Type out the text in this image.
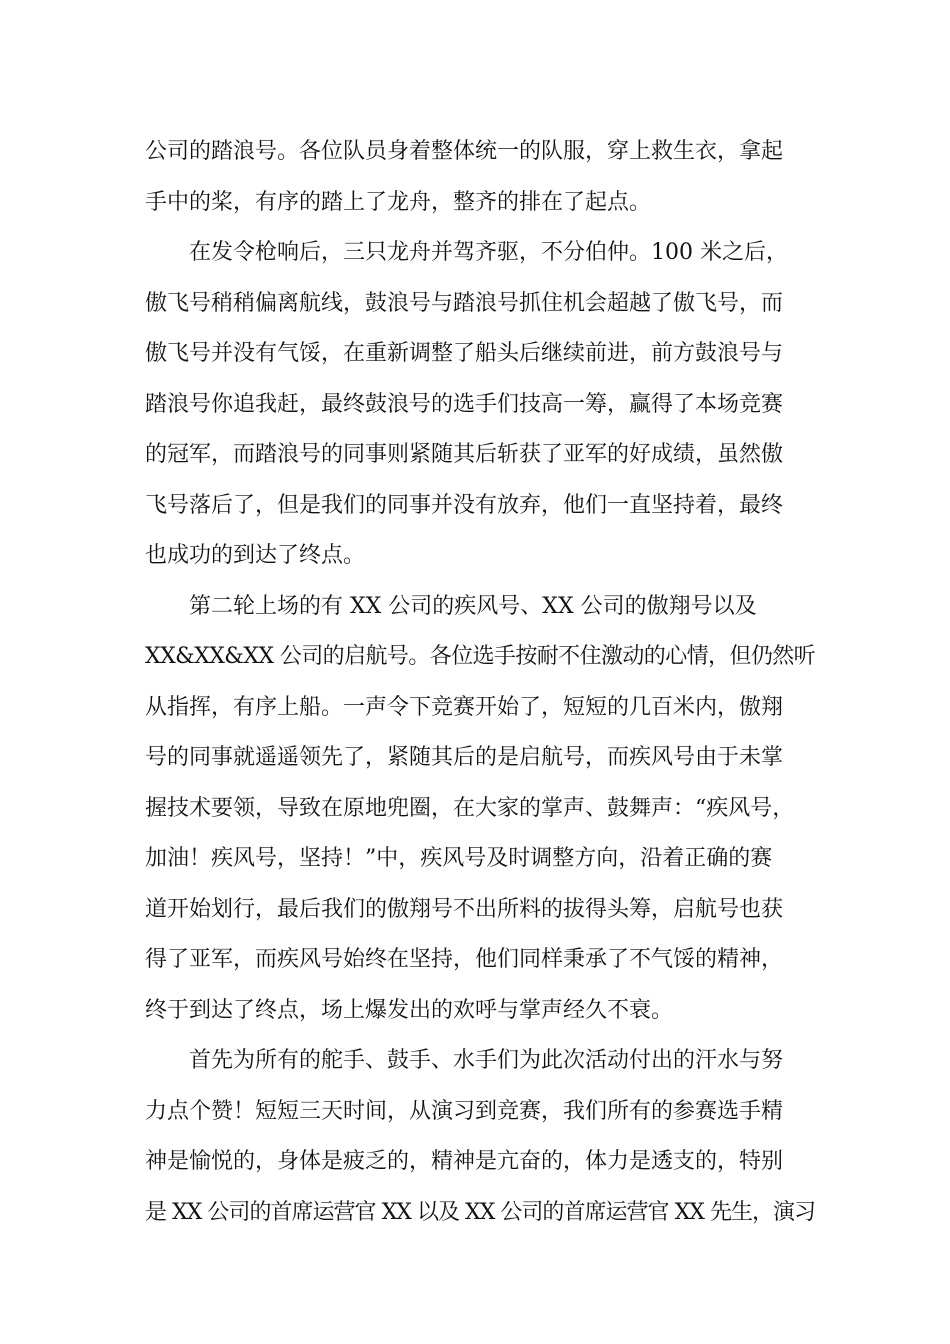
公司的踏浪号。各位队员身着整体统一的队服，穿上救生衣，拿起
手中的桨，有序的踏上了龙舟，整齐的排在了起点。
在发令枪响后，三只龙舟并驾齐驱，不分伯仲。100 米之后，
傲飞号稍稍偏离航线，鼓浪号与踏浪号抓住机会超越了傲飞号，而
傲飞号并没有气馁，在重新调整了船头后继续前进，前方鼓浪号与
踏浪号你追我赶，最终鼓浪号的选手们技高一筹，赢得了本场竞赛
的冠军，而踏浪号的同事则紧随其后斩获了亚军的好成绩，虽然傲
飞号落后了，但是我们的同事并没有放弃，他们一直坚持着，最终
也成功的到达了终点。
第二轮上场的有 XX 公司的疾风号、XX 公司的傲翔号以及
XX&XX&XX 公司的启航号。各位选手按耐不住激动的心情，但仍然听
从指挥，有序上船。一声令下竞赛开始了，短短的几百米内，傲翔
号的同事就遥遥领先了，紧随其后的是启航号，而疾风号由于未掌
握技术要领，导致在原地兜圈，在大家的掌声、鼓舞声：“疾风号，
加油！疾风号，坚持！”中，疾风号及时调整方向，沿着正确的赛
道开始划行，最后我们的傲翔号不出所料的拔得头筹，启航号也获
得了亚军，而疾风号始终在坚持，他们同样秉承了不气馁的精神，
终于到达了终点，场上爆发出的欢呼与掌声经久不衰。
首先为所有的舵手、鼓手、水手们为此次活动付出的汗水与努
力点个赞！短短三天时间，从演习到竞赛，我们所有的参赛选手精
神是愉悦的，身体是疲乏的，精神是亢奋的，体力是透支的，特别
是 XX 公司的首席运营官 XX 以及 XX 公司的首席运营官 XX 先生，演习
